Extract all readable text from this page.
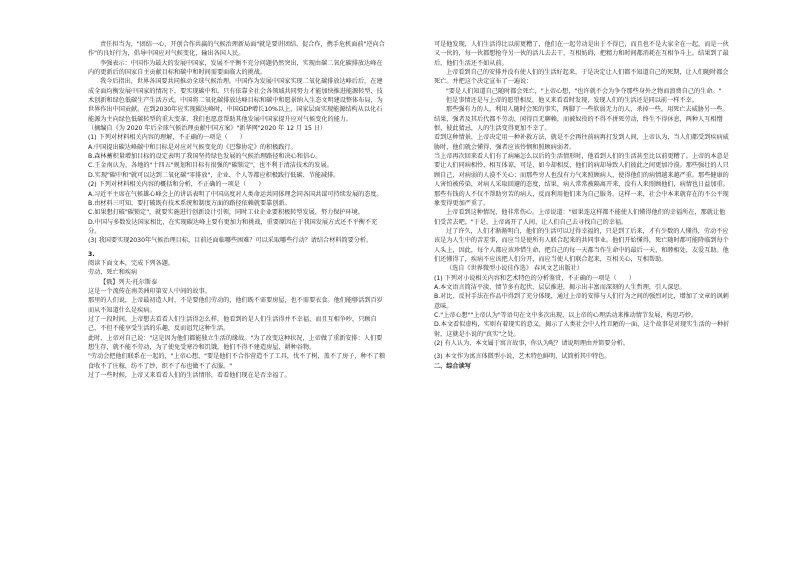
责任担当为，"团结一心，开创合作共赢的气候治理新局面"就是要讲团结、促合作，携手危机面前"逆向合作"的良好行为，倡导中国应对气候变化，输出各国人民。

李强表示：中国作为最大的发展中国家，发展不平衡不充分问题仍然突出，实现由碳二氧化碳排放达峰在内的更新后的国家自主贡献目标和碳中和时间需要面临大的挑战。

我今后指出，世界各国要共同推动全球气候治理。中国作为发展中国家实现二氧化碳排放达峰后后，在建成全面均衡发展中国家的情况下，要实现碳中和，只有依靠全社会各领域共同努力才能加快推进能源转型、技术创新和绿色低碳生产生活方式。中国将二氧化碳排放达峰目标和碳中和愿景纳入生态文明建设整体布局，为世界作出中国贡献。在到2030年应实现碳达峰时，中国GDP增长10%以上，国家层面实现能源结构从以化石能源为主向绿色低碳转型的重大变革，我们也愿意帮助其他发展中国家提升应对气候变化的能力。

（摘编自《为 2020 年后全球气候治理贡献中国方案》"新华网"2020 年 12 月 15 日）

(1) 下列对材料相关内容的理解，不正确的一项是（　　）

A.中国提出碳达峰碳中和目标是对应对气候变化的《巴黎协定》的积极践行。

B.森林蓄积量增加目标的设定表明了我国坚持绿色发展的气候治理路径和决心和信心。

C.王金南认为，各地的"十四五"规划和目标有很强的"碳锁定"，也不利于清洁技术的发展。

D.实现"碳中和"就可以达到二氧化碳"零排放"，企业、个人等都应积极践行低碳、节能减排。

(2) 下列对材料相关内容的概括和分析，不正确的一项是（　　）

A.习近平主席在气候雄心峰会上的讲话表明了中国高度对人类命运共同体理念同各国共谋可持续发展的态度。

B.由材料三可知，要打破既有技术系统和制度方面的路径依赖就要靠创新。

C.如果想打破"碳锁定"，就要实施进行创新设计引领，同时工业企业要积极转型发展，努力保护环境。

D.中国与多数发达国家相比，在实现碳达峰上要有更加力和挑战，重要原因在于我国发展方式还不平衡不充分。

(3) 我国要实现2030年气候治理目标，目前还面临哪些困难？可以采取哪些行动？请结合材料简要分析。

3.

阅读下面文本，完成下列各题。

劳动、死亡和疾病

【俄】列夫·托尔斯泰

这是一个流传在南美洲印第安人中间的故事。

那里的人们说，上帝最初造人时，不是要他们劳动的，他们既不需要房屋，也不需要衣食。他们能够活到百岁而从不知道什么是疾病。

过了一段时间，上帝想去看看人们生活得怎么样，他看到的是人们生活得并不幸福，而且互相争吵，只顾自己，不但不能享受生活的乐趣，反而诅咒这种生活。

此时，上帝对自己说："这是因为他们都能独立生活的缘故。"为了改变这种状况，上帝做了重新安排：人们要想生存，就不能不劳动，为了使免受寒冷和饥饿，他们不得不建造房屋、耕种谷物。

"劳动会把他们联系在一起的，"上帝心想，"要是他们不合作营造不了工具，伐不了树，盖不了房子，种不了粮食收不了庄稼，纺不了纱，织不了布也做不了衣服。"

过了一些时候，上帝又来看看人们的生活情形，看看他们现在是否幸福了。

可是他发现，人们生活得比以前更糟了，他们在一起劳动是出于不得已，而且也不是大家全在一起，而是一伙又一伙的，每一伙都想抢夺另一伙的活儿去去干，互相妨碍，把精力和时间都消耗在互相争斗上。结果到了最后，他们生活还不如从前。

上帝看到自己的安排并没有使人们的生活好起来，于是决定让人们都不知道自己的死期，让人们随时都会死亡。并把这个决定宣布了一遍说：

"要是人们知道自己随时都会死亡，"上帝心想，"也许就不会为争夺那些身外之物而浪费自己的生命。"

但是事情还是与上帝的愿望相反，他又来看看时发现，发现人们的生活还是同以前一样不幸。

那些强有力的人，利用人随时会死的事实，两脚了一些软弱无力的人，杀掉一些，用死亡去威胁另一些。结果，强者及其后代都不劳动，闲得百无聊赖，而被奴役的不得不拼死劳动，终生不得休息，两种人互相憎恨，彼此猜忌，人的生活变得更加不幸了。

看到这种情景，上帝决定用一种补救方法，就是不会再往前病再打发到人间，上帝认为，当人们都受到疾病威胁时，他们就会懂得，强者应该怜悯和照顾病弱者。

当上帝再次回来看人们有了病痛怎么以后的生活情形时，他看到人们的生活甚至比以前更糟了。上帝的本意是要让人们同病相怜、相互体谅，可是，如今却相反，他们的病却导致人们彼此之间更加冷漠。那些强壮的人只顾自己，对病弱的人漠不关心；而那些穷人也没有力气来照顾病人，使得他们的病情越来越严重。那些健康的人害怕被传染，对病人采取回避的态度，结果，病人常常被隔离开来，没有人来照顾他们，病情也日益加重。那些有钱的人不仅不帮助穷苦的病人，反而利用他们来为自己服务。这样一来，社会中本来就存在的不公平现象变得更加严重了。

上帝看到这种情况，他非常伤心。上帝说道："如果连这样都不能使人们懂得他们的幸福所在，那就让他们受苦去吧。"于是，上帝离开了人间，让人们自己去寻找自己的幸福。

过了许久，人们才渐渐明白，他们的生活可以过得幸福的，只是到了后来，才有少数的人懂得，劳动不应该是为人生中的苦差事，而应当是使所有人联合起来的共同事业。他们开始懂得，死亡随时都可能降临到每个人头上，因此，每个人都应该珍惜生命，把自己的每一天都当作生命中的最后一天，和睦相处，友爱互助。他们还懂得了，疾病不应该把人们分开，而应当使人们联合起来，互相关心，互相帮助。

（选自《世界微型小说佳作选》 春风文艺出版社）

(1) 下列对小说相关内容和艺术特色的分析鉴赏，不正确的一项是（　　）

A.本文语言简洁平淡，情节多有起伏，层层推进，揭示出丰富而深刻的人生哲理，引人深思。

B.对比、反衬手法在作品中得到了充分体现，通过上帝的安排与人们行为之间的强烈对比，增加了文章的讽刺意味。

C."上帝心想""上帝认为"等语句在文中多次出现，以上帝的心理活动来推动情节发展，构思巧妙。

D.本文看似虚构，实则有着现实的意义，揭示了人类社会中人性丑陋的一面，这个故事是对现实生活的一种折射，这就是小说的"真实"之处。

(2) 有人认为，本文属于寓言故事，你认为呢？请说明理由并简要分析。

(3) 本文作为寓言体微型小说，艺术特色鲜明，试简析其中特色。

二、综合读写
